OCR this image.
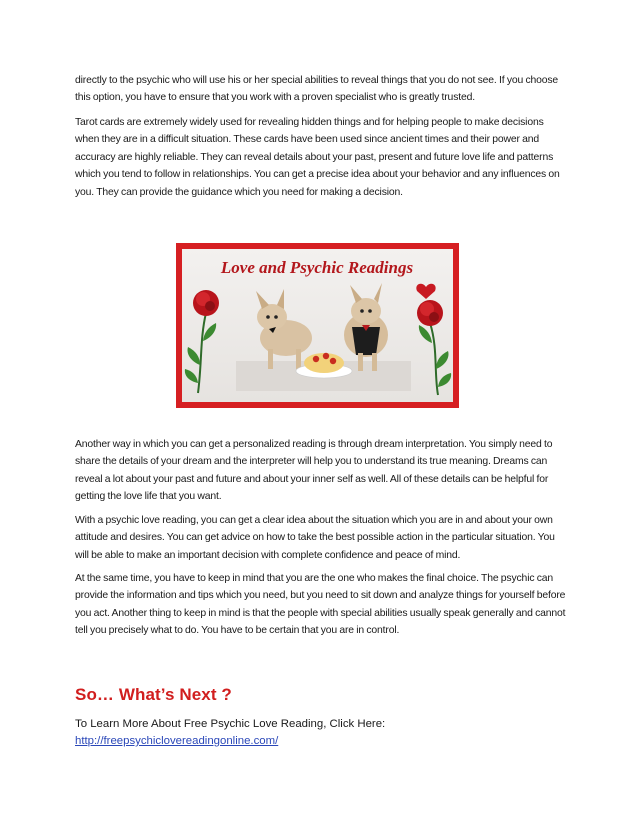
directly to the psychic who will use his or her special abilities to reveal things that you do not see. If you choose this option, you have to ensure that you work with a proven specialist who is greatly trusted.

Tarot cards are extremely widely used for revealing hidden things and for helping people to make decisions when they are in a difficult situation. These cards have been used since ancient times and their power and accuracy are highly reliable. They can reveal details about your past, present and future love life and patterns which you tend to follow in relationships. You can get a precise idea about your behavior and any influences on you. They can provide the guidance which you need for making a decision.

Love and Psychic Readings

Another way in which you can get a personalized reading is through dream interpretation. You simply need to share the details of your dream and the interpreter will help you to understand its true meaning. Dreams can reveal a lot about your past and future and about your inner self as well. All of these details can be helpful for getting the love life that you want.

With a psychic love reading, you can get a clear idea about the situation which you are in and about your own attitude and desires. You can get advice on how to take the best possible action in the particular situation. You will be able to make an important decision with complete confidence and peace of mind.

At the same time, you have to keep in mind that you are the one who makes the final choice. The psychic can provide the information and tips which you need, but you need to sit down and analyze things for yourself before you act. Another thing to keep in mind is that the people with special abilities usually speak generally and cannot tell you precisely what to do. You have to be certain that you are in control.

So… What’s Next ?

To Learn More About Free Psychic Love Reading, Click Here:

http://freepsychiclovereadingonline.com/
